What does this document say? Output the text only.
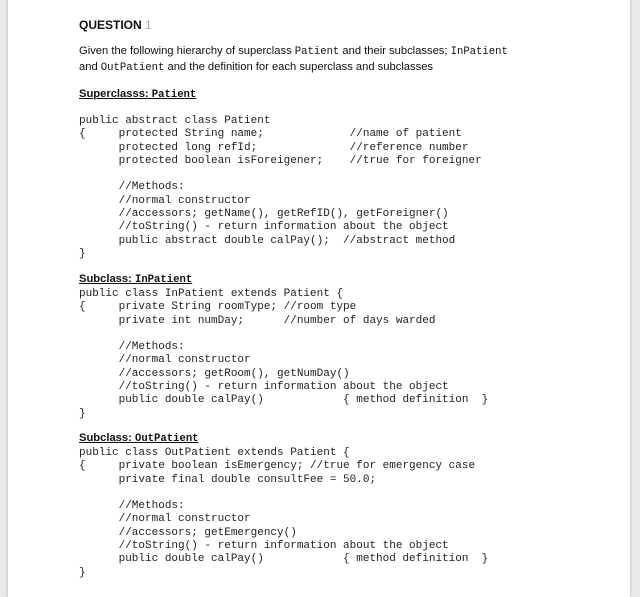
QUESTION 1
Given the following hierarchy of superclass Patient and their subclasses; InPatient
and OutPatient and the definition for each superclass and subclasses
Superclasss: Patient
public abstract class Patient
{     protected String name;             //name of patient
protected long refId;              //reference number
protected boolean isForeigener;    //true for foreigner
//Methods:
//normal constructor
//accessors; getName(), getRefID(), getForeigner()
//toString() - return information about the object
public abstract double calPay();  //abstract method
}
Subclass: InPatient
public class InPatient extends Patient {
{     private String roomType; //room type
private int numDay;      //number of days warded
//Methods:
//normal constructor
//accessors; getRoom(), getNumDay()
//toString() - return information about the object
public double calPay()            { method definition  }
}
Subclass: OutPatient
public class OutPatient extends Patient {
{     private boolean isEmergency; //true for emergency case
private final double consultFee = 50.0;
//Methods:
//normal constructor
//accessors; getEmergency()
//toString() - return information about the object
public double calPay()            { method definition  }
}
